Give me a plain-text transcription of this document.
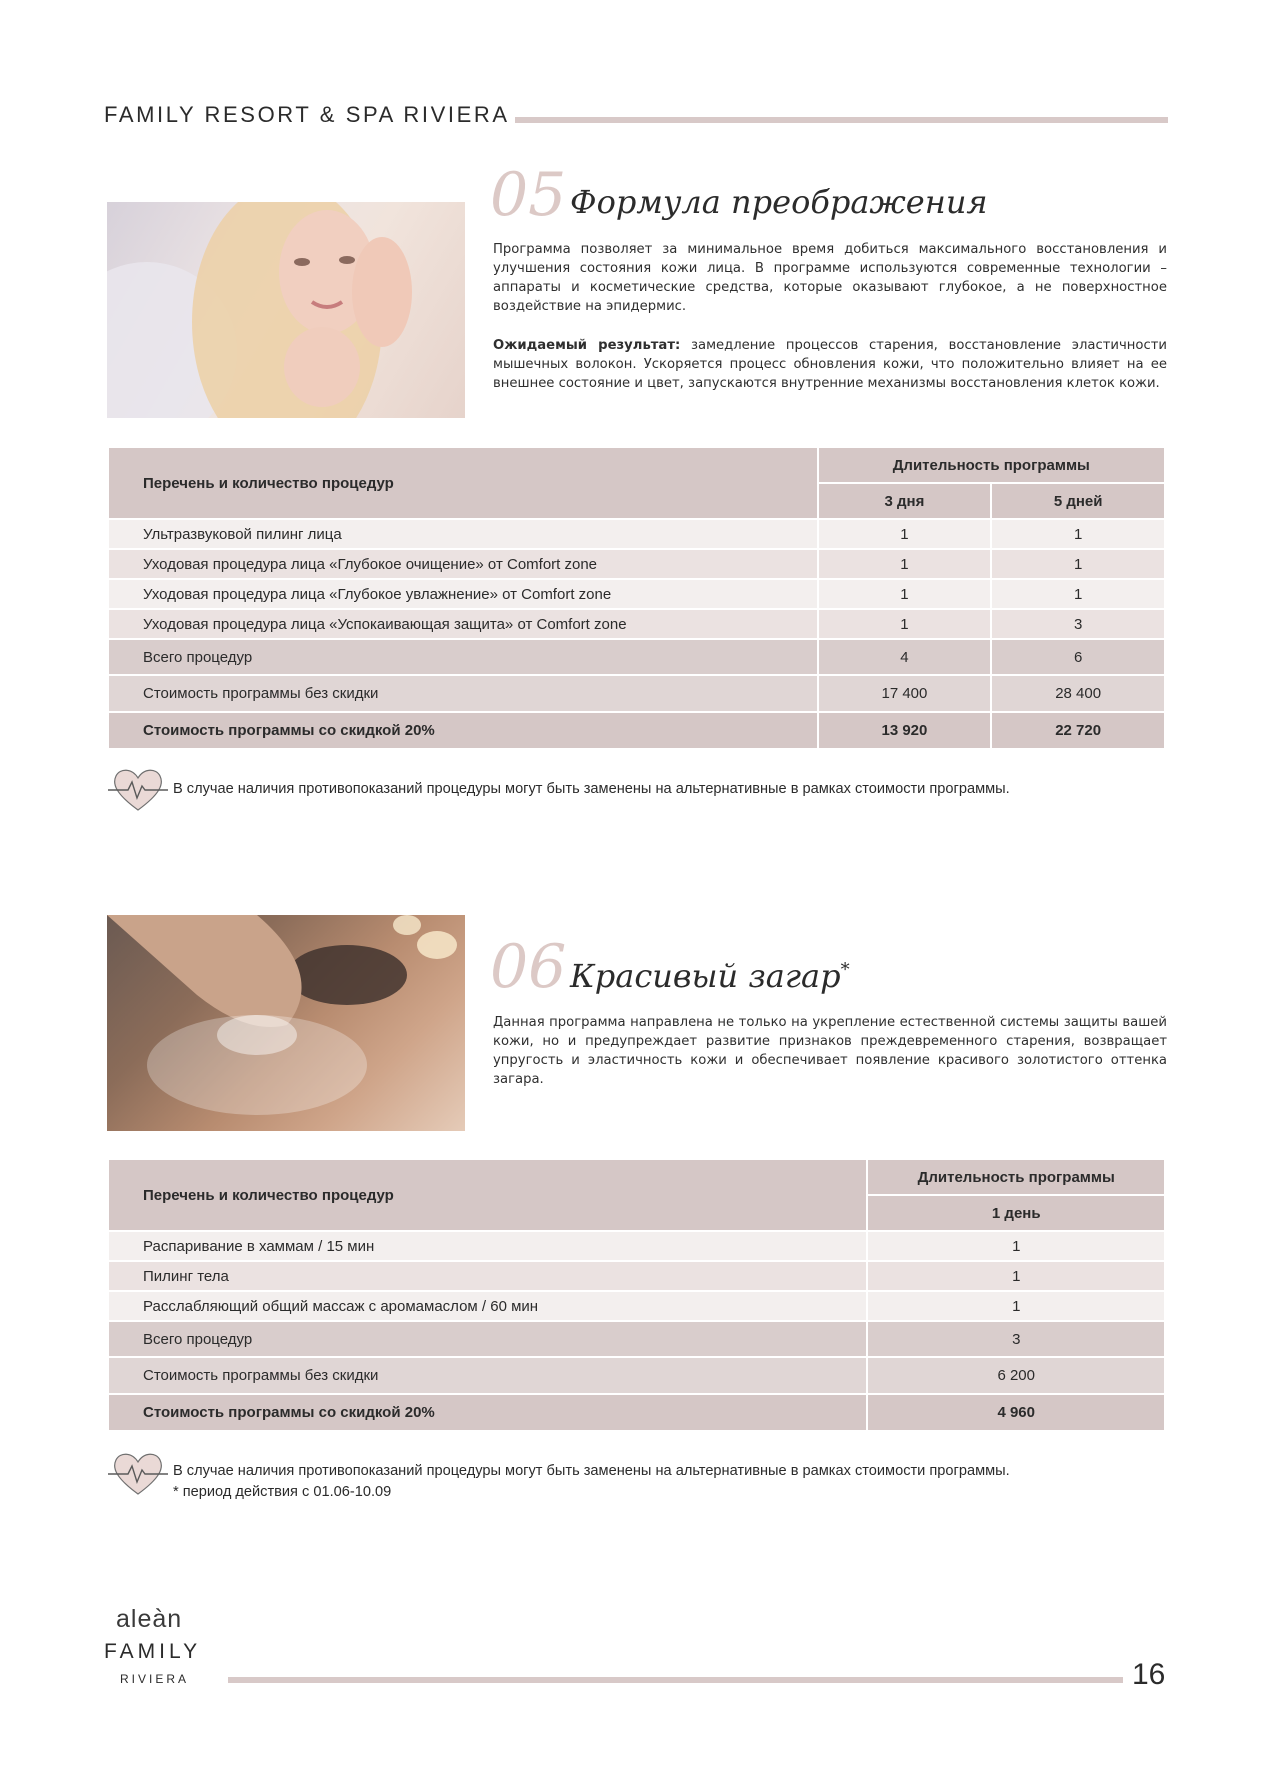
FAMILY RESORT & SPA RIVIERA
05 Формула преображения

Программа позволяет за минимальное время добиться максимального восстановления и улучшения состояния кожи лица. В программе используются современные технологии – аппараты и косметические средства, которые оказывают глубокое, а не поверхностное воздействие на эпидермис.

Ожидаемый результат: замедление процессов старения, восстановление эластичности мышечных волокон. Ускоряется процесс обновления кожи, что положительно влияет на ее внешнее состояние и цвет, запускаются внутренние механизмы восстановления клеток кожи.

Перечень и количество процедур	Длительность программы	
	3 дня	5 дней
Ультразвуковой пилинг лица	1	1
Уходовая процедура лица «Глубокое очищение» от Comfort zone	1	1
Уходовая процедура лица «Глубокое увлажнение» от Comfort zone	1	1
Уходовая процедура лица «Успокаивающая защита» от Comfort zone	1	3
Всего процедур	4	6
Стоимость программы без скидки	17 400	28 400
Стоимость программы со скидкой 20%	13 920	22 720

В случае наличия противопоказаний процедуры могут быть заменены на альтернативные в рамках стоимости программы.

06 Красивый загар*

Данная программа направлена не только на укрепление естественной системы защиты вашей кожи, но и предупреждает развитие признаков преждевременного старения, возвращает упругость и эластичность кожи и обеспечивает появление красивого золотистого оттенка загара.

Перечень и количество процедур	Длительность программы
	1 день
Распаривание в хаммам / 15 мин	1
Пилинг тела	1
Расслабляющий общий массаж с аромамаслом / 60 мин	1
Всего процедур	3
Стоимость программы без скидки	6 200
Стоимость программы со скидкой 20%	4 960

В случае наличия противопоказаний процедуры могут быть заменены на альтернативные в рамках стоимости программы.

* период действия с 01.06-10.09

aleàn
FAMILY
RIVIERA	16
